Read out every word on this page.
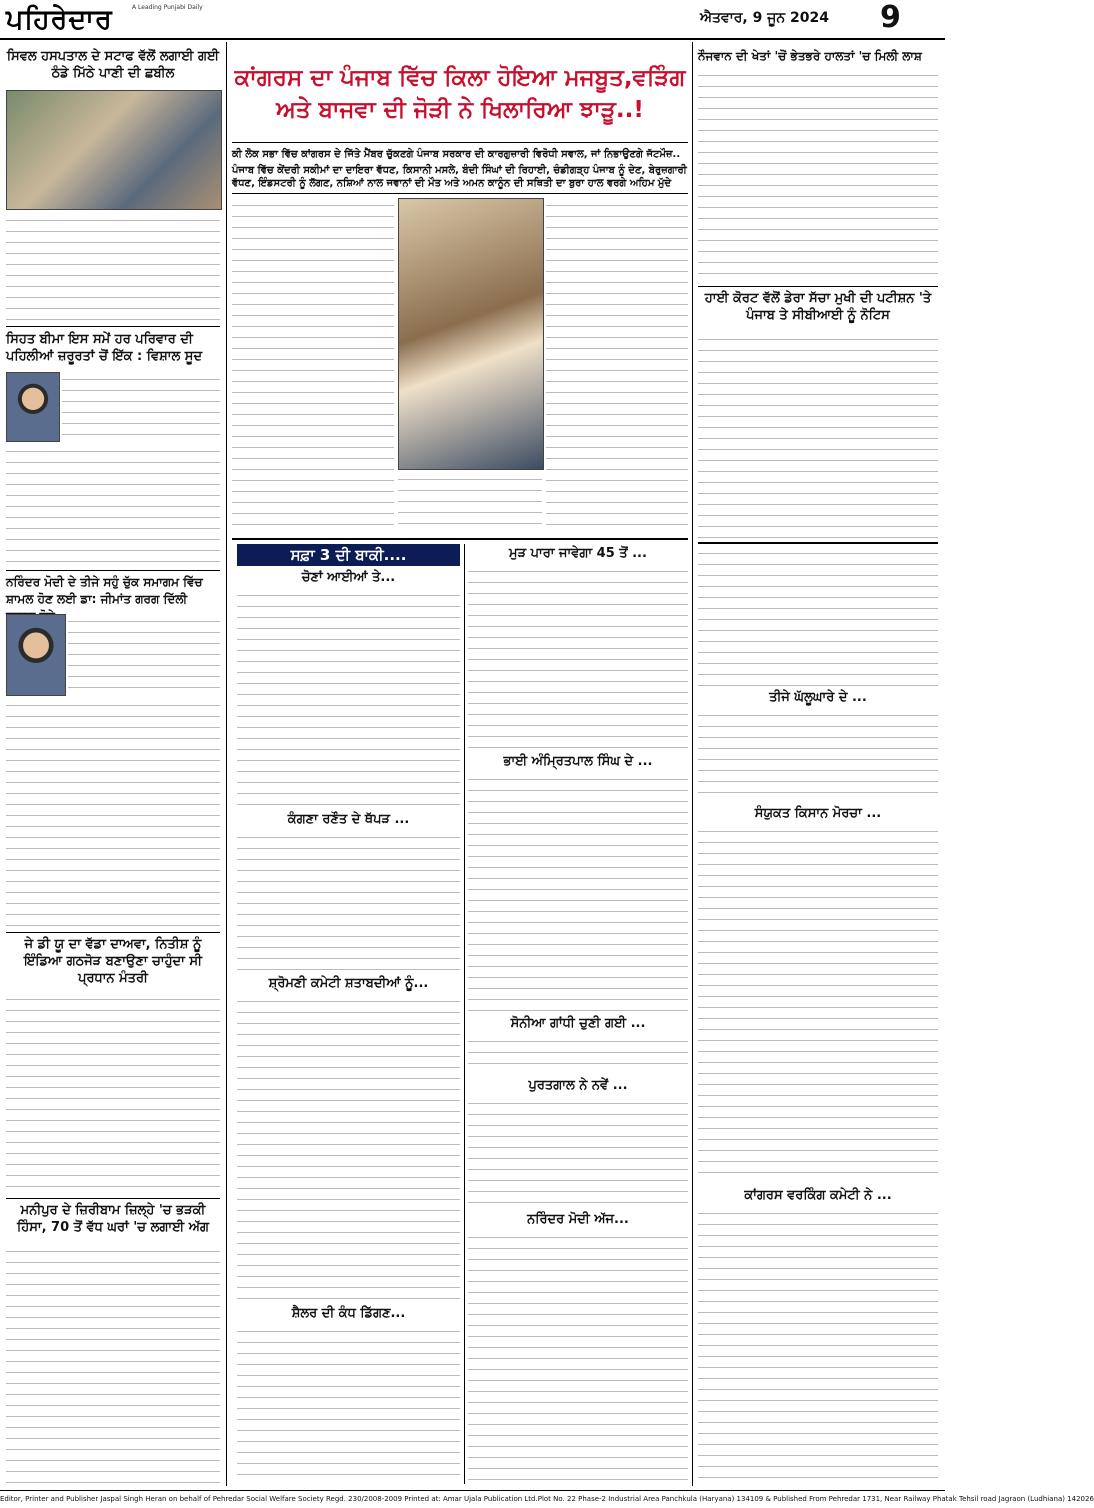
ਪਹਿਰੇਦਾਰ	A Leading Punjabi Daily
ਐਤਵਾਰ, 9 ਜੂਨ 2024 9
ਸਿਵਲ ਹਸਪਤਾਲ ਦੇ ਸਟਾਫ ਵੱਲੋਂ ਲਗਾਈ ਗਈ ਠੰਡੇ ਮਿੱਠੇ ਪਾਣੀ ਦੀ ਛਬੀਲ
ਸਿਹਤ ਬੀਮਾ ਇਸ ਸਮੇਂ ਹਰ ਪਰਿਵਾਰ ਦੀ ਪਹਿਲੀਆਂ ਜ਼ਰੂਰਤਾਂ ਚੋਂ ਇੱਕ : ਵਿਸ਼ਾਲ ਸੂਦ
ਨਰਿੰਦਰ ਮੋਦੀ ਦੇ ਤੀਜੇ ਸਹੁੰ ਚੁੱਕ ਸਮਾਗਮ ਵਿੱਚ ਸ਼ਾਮਲ ਹੋਣ ਲਈ ਡਾ: ਜੀਮਾਂਤ ਗਰਗ ਦਿੱਲੀ
ਜੇ ਡੀ ਯੂ ਦਾ ਵੱਡਾ ਦਾਅਵਾ, ਨਿਤੀਸ਼ ਨੂੰ ਇੰਡਿਆ ਗਠਜੋੜ ਬਣਾਉਣਾ ਚਾਹੁੰਦਾ ਸੀ ਪ੍ਰਧਾਨ ਮੰਤਰੀ
ਮਨੀਪੁਰ ਦੇ ਜ਼ਿਰੀਬਾਮ ਜ਼ਿਲ੍ਹੇ 'ਚ ਭੜਕੀ ਹਿੰਸਾ, 70 ਤੋਂ ਵੱਧ ਘਰਾਂ 'ਚ ਲਗਾਈ ਅੱਗ
ਕਾਂਗਰਸ ਦਾ ਪੰਜਾਬ ਵਿੱਚ ਕਿਲਾ ਹੋਇਆ ਮਜਬੂਤ,ਵੜਿੰਗ ਅਤੇ ਬਾਜਵਾ ਦੀ ਜੋੜੀ ਨੇ ਖਿਲਾਰਿਆ ਝਾੜੂ..!
ਕੀ ਲੋਕ ਸਭਾ ਵਿੱਚ ਕਾਂਗਰਸ ਦੇ ਜਿੱਤੇ ਮੈਂਬਰ ਚੁੱਕਣਗੇ ਪੰਜਾਬ ਸਰਕਾਰ ਦੀ ਕਾਰਗੁਜ਼ਾਰੀ ਵਿਰੋਧੀ ਸਵਾਲ, ਜਾਂ ਨਿਭਾਉਣਗੇ ਜੱਟਮੌਜ਼..
ਪੰਜਾਬ ਵਿੱਚ ਕੇਂਦਰੀ ਸਕੀਮਾਂ ਦਾ ਦਾਇਰਾ ਵੱਧਣ, ਕਿਸਾਨੀ ਮਸਲੇ, ਬੰਦੀ ਸਿੰਘਾਂ ਦੀ ਰਿਹਾਈ, ਚੰਡੀਗੜ੍ਹ ਪੰਜਾਬ ਨੂੰ ਦੇਣ, ਬੇਰੁਜ਼ਗਾਰੀ ਵੱਧਣ, ਇੰਡਸਟਰੀ ਨੂੰ ਲੱਗਣ, ਨਸ਼ਿਆਂ ਨਾਲ ਜਵਾਨਾਂ ਦੀ ਮੌਤ ਅਤੇ ਅਮਨ ਕਾਨੂੰਨ ਦੀ ਸਥਿਤੀ ਦਾ ਬੁਰਾ ਹਾਲ ਵਰਗੇ ਅਹਿਮ ਮੁੱਦੇ
ਸਫ਼ਾ 3 ਦੀ ਬਾਕੀ....
ਚੋਣਾਂ ਆਈਆਂ ਤੇ...
ਕੰਗਣਾ ਰਣੌਤ ਦੇ ਥੱਪੜ ...
ਸ਼੍ਰੋਮਣੀ ਕਮੇਟੀ ਸ਼ਤਾਬਦੀਆਂ ਨੂੰ...
ਸ਼ੈਲਰ ਦੀ ਕੰਧ ਡਿੱਗਣ...
ਮੁੜ ਪਾਰਾ ਜਾਵੇਗਾ 45 ਤੋਂ ...
ਭਾਈ ਅੰਮ੍ਰਿਤਪਾਲ ਸਿੰਘ ਦੇ ...
ਸੋਨੀਆ ਗਾਂਧੀ ਚੁਣੀ ਗਈ ...
ਪੁਰਤਗਾਲ ਨੇ ਨਵੇਂ ...
ਨਰਿੰਦਰ ਮੋਦੀ ਅੱਜ...
ਨੌਜਵਾਨ ਦੀ ਖੇਤਾਂ 'ਚੋਂ ਭੇਤਭਰੇ ਹਾਲਤਾਂ 'ਚ ਮਿਲੀ ਲਾਸ਼
ਹਾਈ ਕੋਰਟ ਵੱਲੋਂ ਡੇਰਾ ਸੱਚਾ ਮੁਖੀ ਦੀ ਪਟੀਸ਼ਨ 'ਤੇ ਪੰਜਾਬ ਤੇ ਸੀਬੀਆਈ ਨੂੰ ਨੋਟਿਸ
ਤੀਜੇ ਘੱਲੂਘਾਰੇ ਦੇ ...
ਸੰਯੁਕਤ ਕਿਸਾਨ ਮੋਰਚਾ ...
ਕਾਂਗਰਸ ਵਰਕਿੰਗ ਕਮੇਟੀ ਨੇ ...
Editor, Printer and Publisher Jaspal Singh Heran on behalf of Pehredar Social Welfare Society Regd. 230/2008-2009 Printed at: Amar Ujala Publication Ltd.Plot No. 22 Phase-2 Industrial Area Panchkula (Haryana) 134109 & Published From Pehredar 1731, Near Railway Phatak Tehsil road Jagraon (Ludhiana) 142026
